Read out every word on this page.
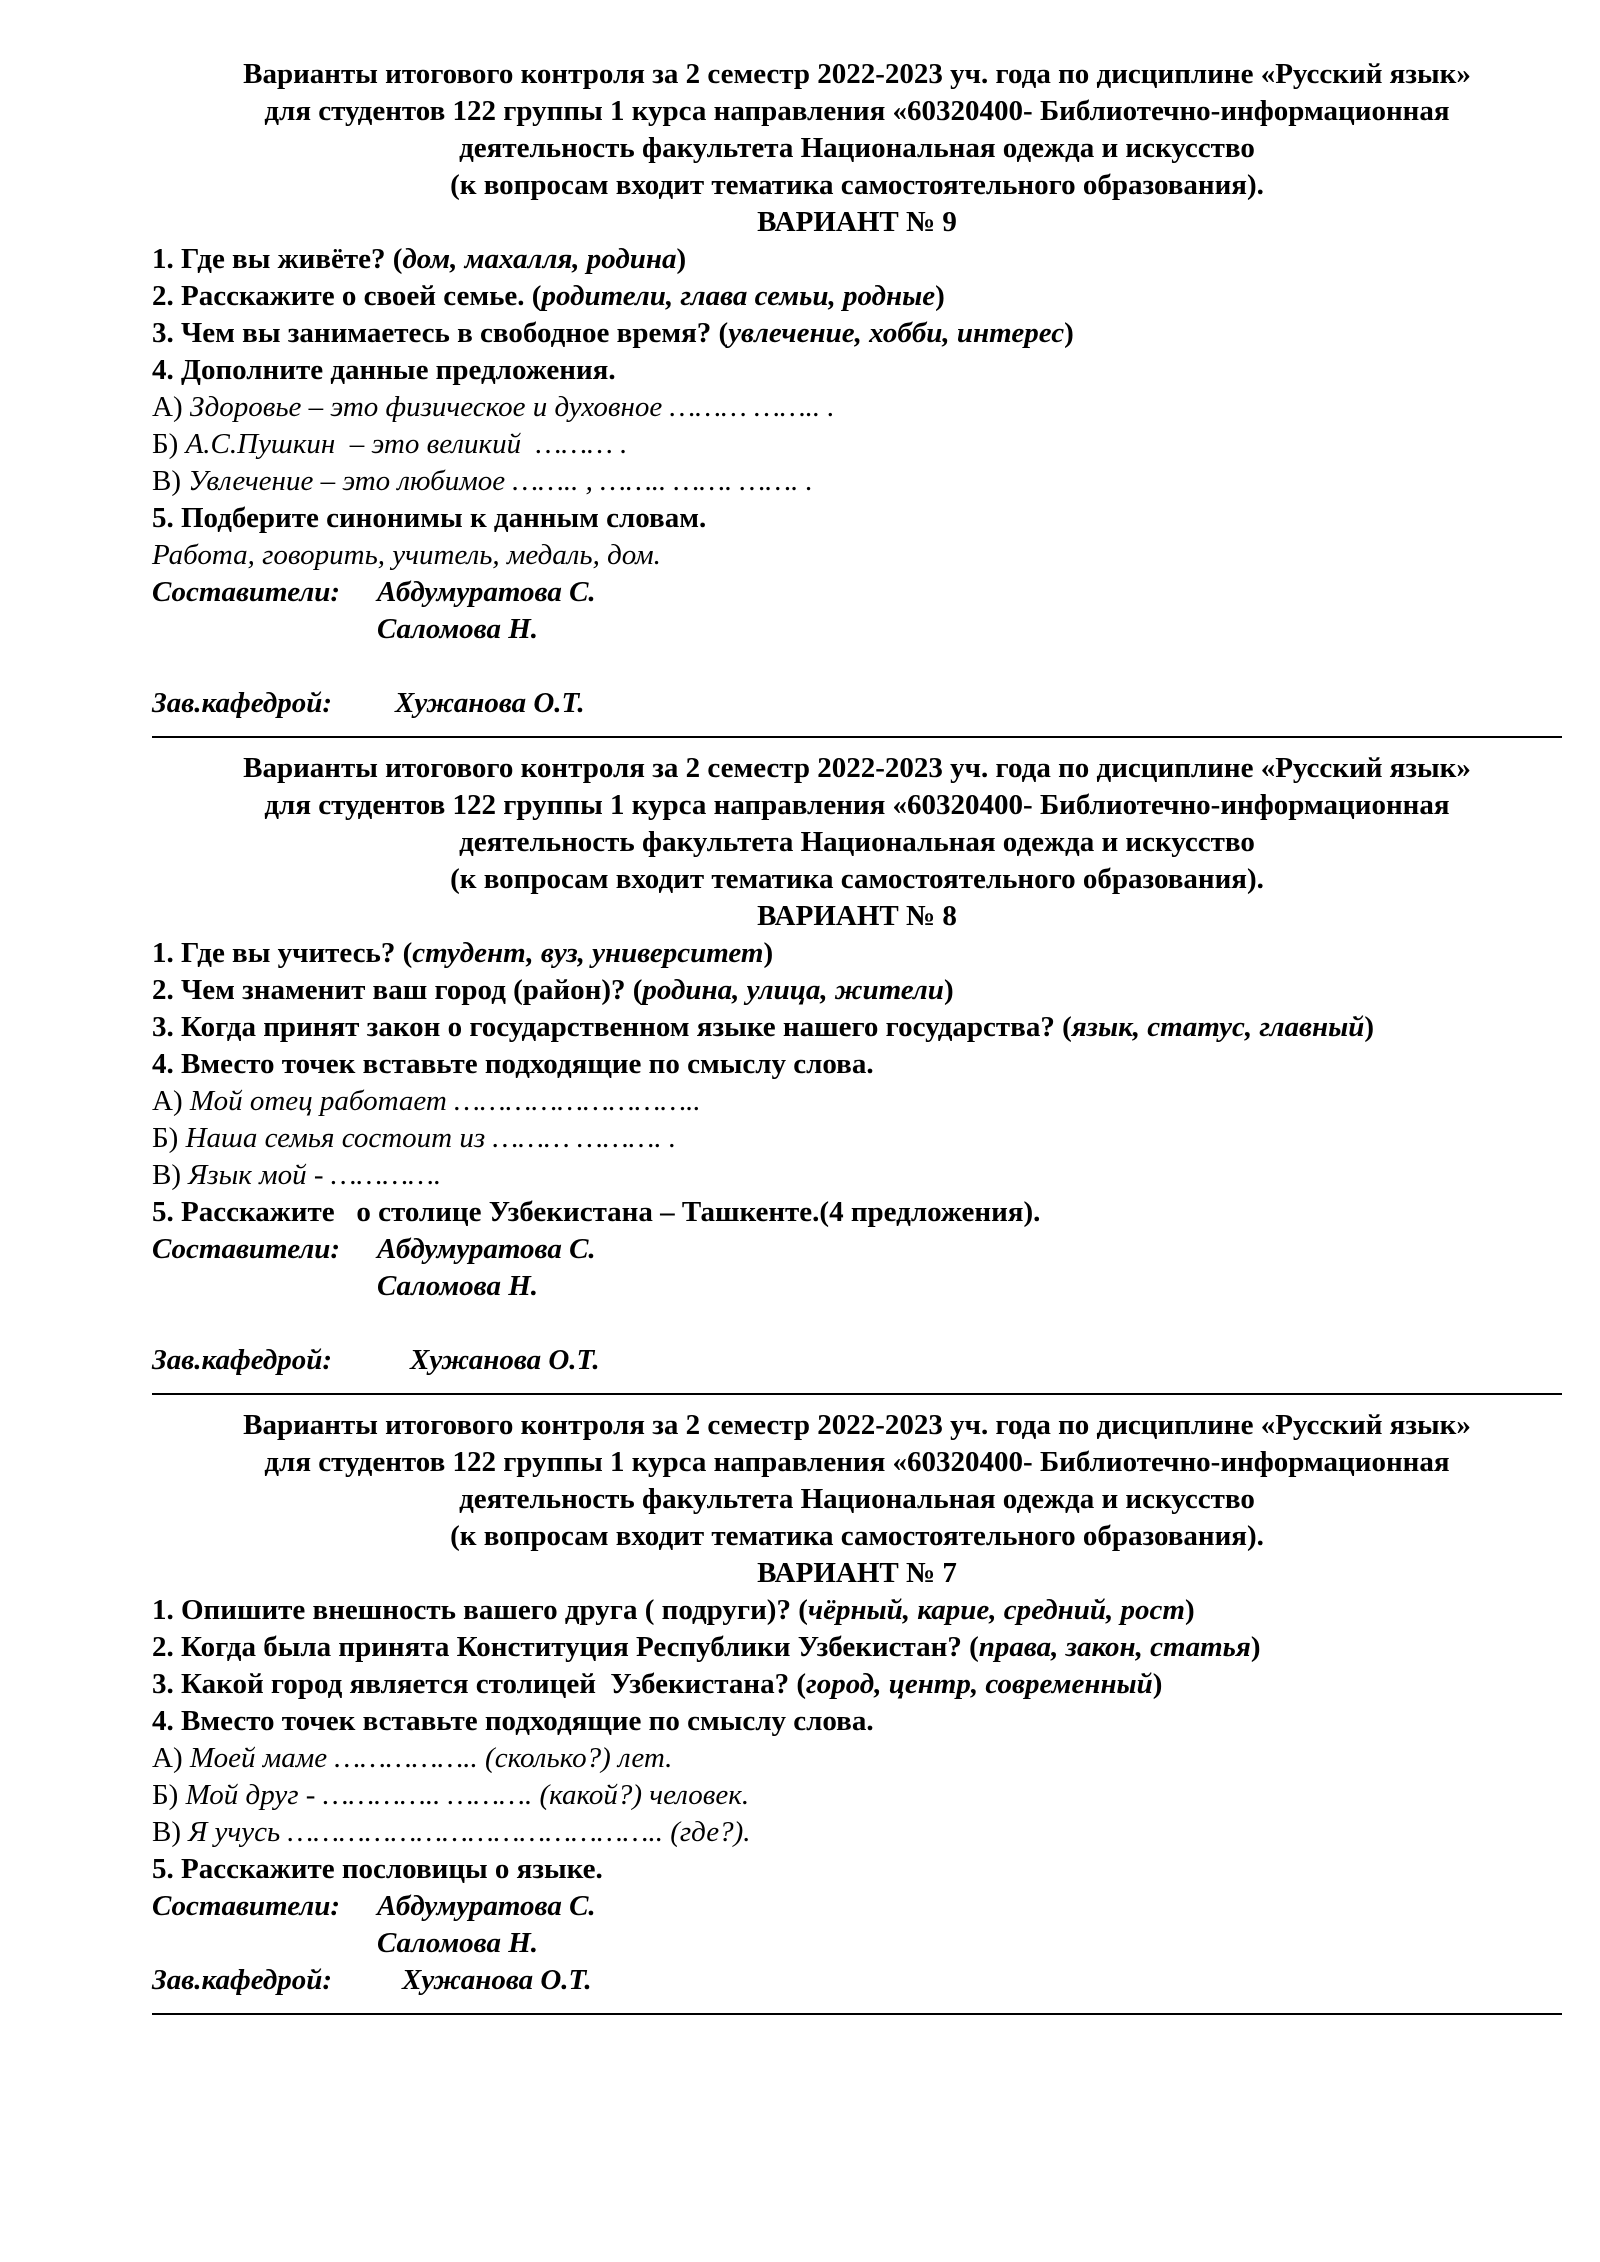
Варианты итогового контроля за 2 семестр 2022-2023 уч. года по дисциплине «Русский язык»
для студентов 122 группы 1 курса направления «60320400- Библиотечно-информационная
деятельность факультета Национальная одежда и искусство
(к вопросам входит тематика самостоятельного образования).
ВАРИАНТ № 9
1. Где вы живёте? (дом, махалля, родина)
2. Расскажите о своей семье. (родители, глава семьи, родные)
3. Чем вы занимаетесь в свободное время? (увлечение, хобби, интерес)
4. Дополните данные предложения.
А) Здоровье – это физическое и духовное ……… …….. .
Б) А.С.Пушкин  – это великий  ……… .
В) Увлечение – это любимое …….. , …….. ……. ……. .
5. Подберите синонимы к данным словам.
Работа, говорить, учитель, медаль, дом.
Составители: Абдумуратова С.
Саломова Н.
Зав.кафедрой: Хужанова О.Т.
Варианты итогового контроля за 2 семестр 2022-2023 уч. года по дисциплине «Русский язык»
для студентов 122 группы 1 курса направления «60320400- Библиотечно-информационная
деятельность факультета Национальная одежда и искусство
(к вопросам входит тематика самостоятельного образования).
ВАРИАНТ № 8
1. Где вы учитесь? (студент, вуз, университет)
2. Чем знаменит ваш город (район)? (родина, улица, жители)
3. Когда принят закон о государственном языке нашего государства? (язык, статус, главный)
4. Вместо точек вставьте подходящие по смыслу слова.
А) Мой отец работает ………………………..
Б) Наша семья состоит из ……… ………. .
В) Язык мой - ………….
5. Расскажите   о столице Узбекистана – Ташкенте.(4 предложения).
Составители: Абдумуратова С.
Саломова Н.
Зав.кафедрой:	Хужанова О.Т.
Варианты итогового контроля за 2 семестр 2022-2023 уч. года по дисциплине «Русский язык»
для студентов 122 группы 1 курса направления «60320400- Библиотечно-информационная
деятельность факультета Национальная одежда и искусство
(к вопросам входит тематика самостоятельного образования).
ВАРИАНТ № 7
1. Опишите внешность вашего друга ( подруги)? (чёрный, карие, средний, рост)
2. Когда была принята Конституция Республики Узбекистан? (права, закон, статья)
3. Какой город является столицей  Узбекистана? (город, центр, современный)
4. Вместо точек вставьте подходящие по смыслу слова.
А) Моей маме …………….. (сколько?) лет.
Б) Мой друг - ………….. ………. (какой?) человек.
В) Я учусь …………………………………….. (где?).
5. Расскажите пословицы о языке.
Составители: Абдумуратова С.
Саломова Н.
Зав.кафедрой: Хужанова О.Т.
